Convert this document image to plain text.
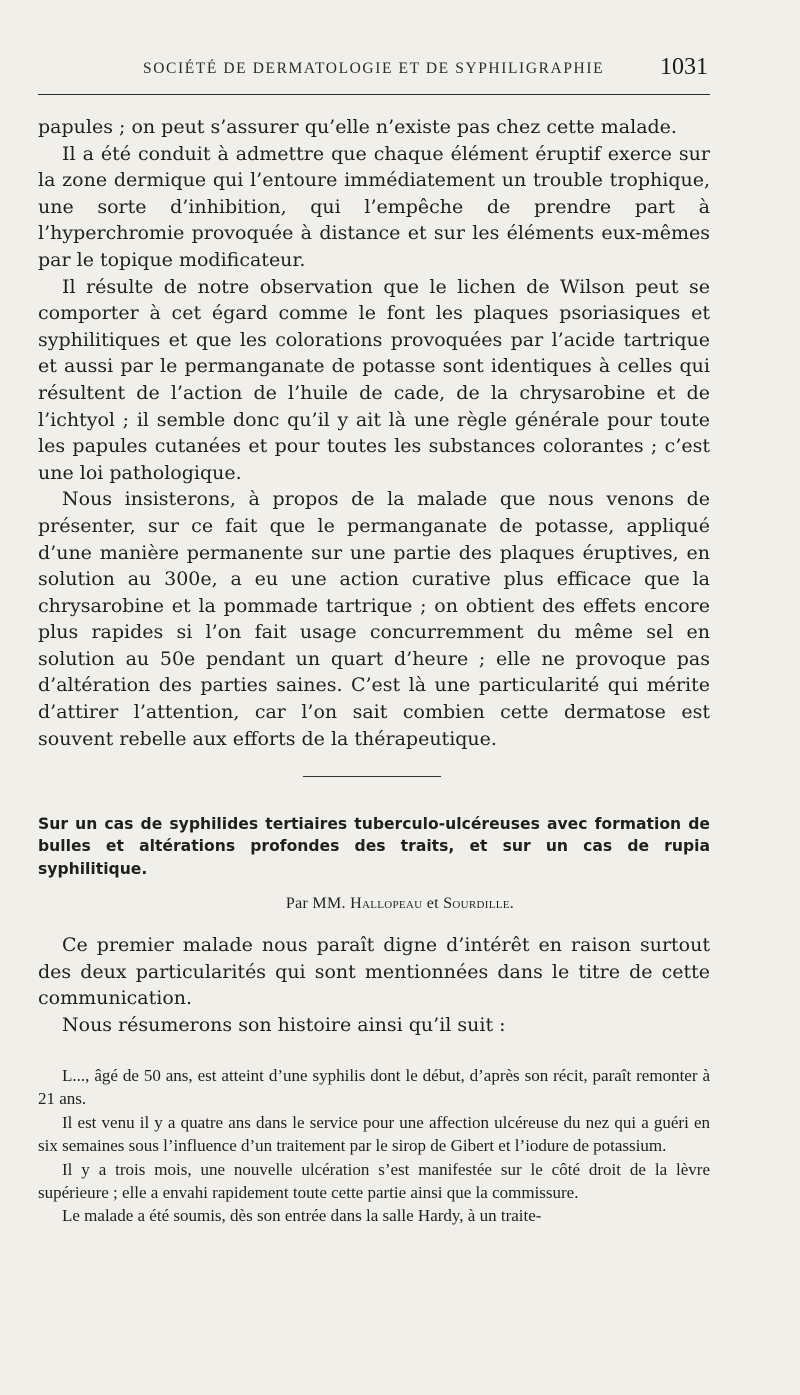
SOCIÉTÉ DE DERMATOLOGIE ET DE SYPHILIGRAPHIE 1031

papules ; on peut s’assurer qu’elle n’existe pas chez cette malade.

Il a été conduit à admettre que chaque élément éruptif exerce sur la zone dermique qui l’entoure immédiatement un trouble trophique, une sorte d’inhibition, qui l’empêche de prendre part à l’hyperchromie provoquée à distance et sur les éléments eux-mêmes par le topique modificateur.

Il résulte de notre observation que le lichen de Wilson peut se comporter à cet égard comme le font les plaques psoriasiques et syphilitiques et que les colorations provoquées par l’acide tartrique et aussi par le permanganate de potasse sont identiques à celles qui résultent de l’action de l’huile de cade, de la chrysarobine et de l’ichtyol ; il semble donc qu’il y ait là une règle générale pour toute les papules cutanées et pour toutes les substances colorantes ; c’est une loi pathologique.

Nous insisterons, à propos de la malade que nous venons de présenter, sur ce fait que le permanganate de potasse, appliqué d’une manière permanente sur une partie des plaques éruptives, en solution au 300e, a eu une action curative plus efficace que la chrysarobine et la pommade tartrique ; on obtient des effets encore plus rapides si l’on fait usage concurremment du même sel en solution au 50e pendant un quart d’heure ; elle ne provoque pas d’altération des parties saines. C’est là une particularité qui mérite d’attirer l’attention, car l’on sait combien cette dermatose est souvent rebelle aux efforts de la thérapeutique.

Sur un cas de syphilides tertiaires tuberculo-ulcéreuses avec formation de bulles et altérations profondes des traits, et sur un cas de rupia syphilitique.

Par MM. Hallopeau et Sourdille.

Ce premier malade nous paraît digne d’intérêt en raison surtout des deux particularités qui sont mentionnées dans le titre de cette communication.

Nous résumerons son histoire ainsi qu’il suit :

L..., âgé de 50 ans, est atteint d’une syphilis dont le début, d’après son récit, paraît remonter à 21 ans.

Il est venu il y a quatre ans dans le service pour une affection ulcéreuse du nez qui a guéri en six semaines sous l’influence d’un traitement par le sirop de Gibert et l’iodure de potassium.

Il y a trois mois, une nouvelle ulcération s’est manifestée sur le côté droit de la lèvre supérieure ; elle a envahi rapidement toute cette partie ainsi que la commissure.

Le malade a été soumis, dès son entrée dans la salle Hardy, à un traite-
